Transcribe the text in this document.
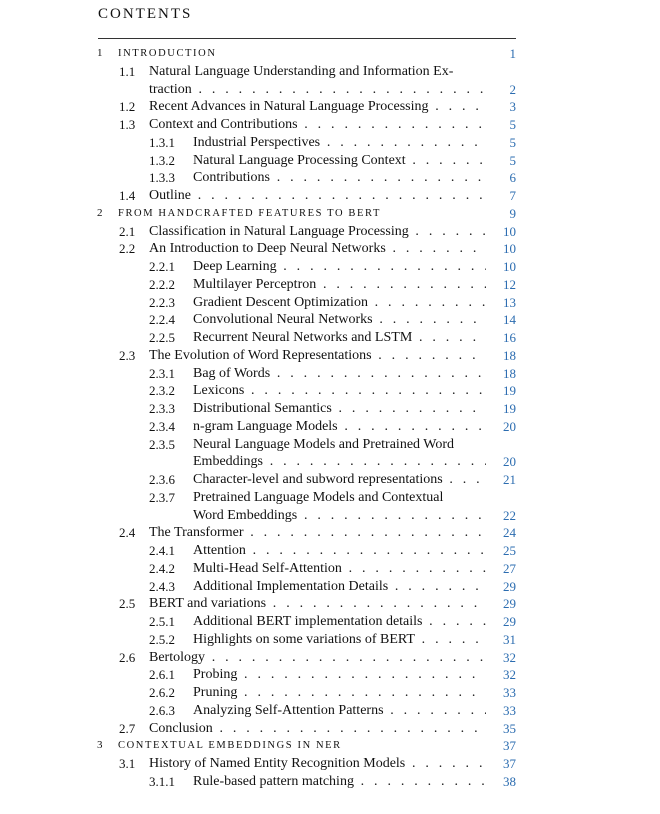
CONTENTS
1 INTRODUCTION	1
1.1 Natural Language Understanding and Information Ex-
traction . . .	2
1.2 Recent Advances in Natural Language Processing . . .	3
1.3 Context and Contributions . . .	5
1.3.1 Industrial Perspectives . . .	5
1.3.2 Natural Language Processing Context . . .	5
1.3.3 Contributions . . .	6
1.4 Outline . . .	7
2 FROM HANDCRAFTED FEATURES TO BERT	9
2.1 Classification in Natural Language Processing . . .	10
2.2 An Introduction to Deep Neural Networks . . .	10
2.2.1 Deep Learning . . .	10
2.2.2 Multilayer Perceptron . . .	12
2.2.3 Gradient Descent Optimization . . .	13
2.2.4 Convolutional Neural Networks . . .	14
2.2.5 Recurrent Neural Networks and LSTM . . .	16
2.3 The Evolution of Word Representations . . .	18
2.3.1 Bag of Words . . .	18
2.3.2 Lexicons . . .	19
2.3.3 Distributional Semantics . . .	19
2.3.4 n-gram Language Models . . .	20
2.3.5 Neural Language Models and Pretrained Word
Embeddings . . .	20
2.3.6 Character-level and subword representations . . .	21
2.3.7 Pretrained Language Models and Contextual
Word Embeddings . . .	22
2.4 The Transformer . . .	24
2.4.1 Attention . . .	25
2.4.2 Multi-Head Self-Attention . . .	27
2.4.3 Additional Implementation Details . . .	29
2.5 BERT and variations . . .	29
2.5.1 Additional BERT implementation details . . .	29
2.5.2 Highlights on some variations of BERT . . .	31
2.6 Bertology . . .	32
2.6.1 Probing . . .	32
2.6.2 Pruning . . .	33
2.6.3 Analyzing Self-Attention Patterns . . .	33
2.7 Conclusion . . .	35
3 CONTEXTUAL EMBEDDINGS IN NER	37
3.1 History of Named Entity Recognition Models . . .	37
3.1.1 Rule-based pattern matching . . .	38
